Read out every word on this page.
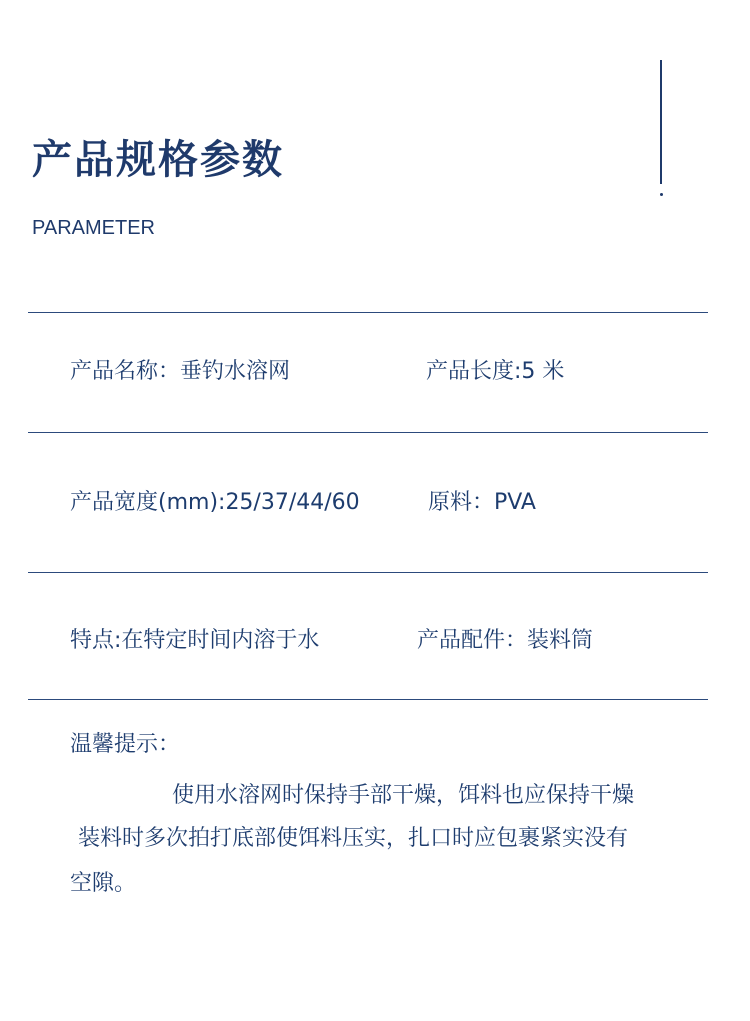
产品规格参数
PARAMETER
产品名称：垂钓水溶网	产品长度:5 米
产品宽度(mm):25/37/44/60	原料：PVA
特点:在特定时间内溶于水	产品配件：装料筒
温馨提示：
使用水溶网时保持手部干燥，饵料也应保持干燥
装料时多次拍打底部使饵料压实，扎口时应包裹紧实没有
空隙。
